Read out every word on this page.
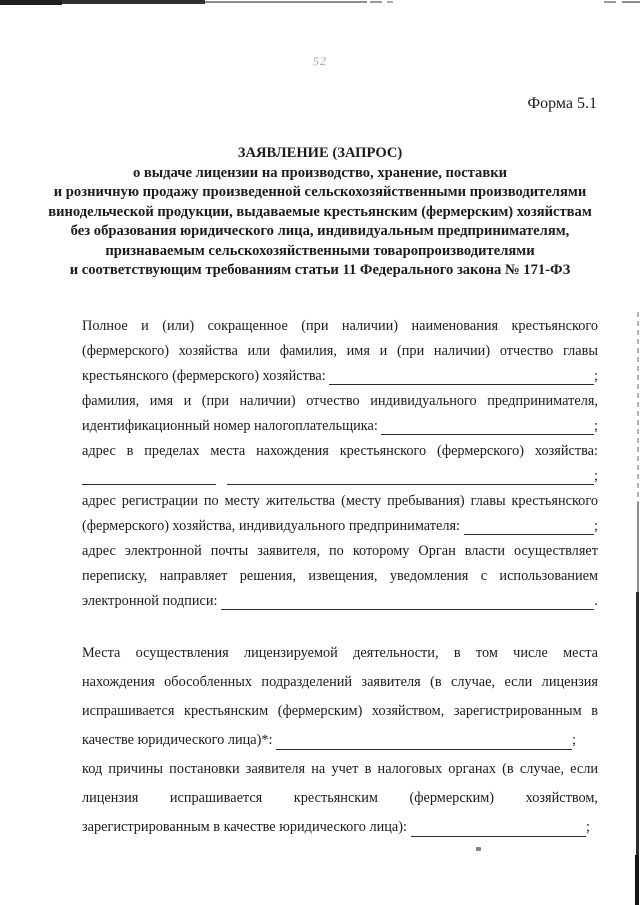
52
Форма 5.1
ЗАЯВЛЕНИЕ (ЗАПРОС)
о выдаче лицензии на производство, хранение, поставки
и розничную продажу произведенной сельскохозяйственными производителями
винодельческой продукции, выдаваемые крестьянским (фермерским) хозяйствам
без образования юридического лица, индивидуальным предпринимателям,
признаваемым сельскохозяйственными товаропроизводителями
и соответствующим требованиям статьи 11 Федерального закона № 171-ФЗ
Полное и (или) сокращенное (при наличии) наименования крестьянского
(фермерского) хозяйства или фамилия, имя и (при наличии) отчество главы
крестьянского (фермерского) хозяйства:	;
фамилия, имя и (при наличии) отчество индивидуального предпринимателя,
идентификационный номер налогоплательщика:	;
адрес в пределах места нахождения крестьянского (фермерского) хозяйства:
;
адрес регистрации по месту жительства (месту пребывания) главы крестьянского
(фермерского) хозяйства, индивидуального предпринимателя:	;
адрес электронной почты заявителя, по которому Орган власти осуществляет
переписку, направляет решения, извещения, уведомления с использованием
электронной подписи:	.
Места осуществления лицензируемой деятельности, в том числе места
нахождения обособленных подразделений заявителя (в случае, если лицензия
испрашивается крестьянским (фермерским) хозяйством, зарегистрированным в
качестве юридического лица)*:	;
код причины постановки заявителя на учет в налоговых органах (в случае, если
лицензия испрашивается крестьянским (фермерским) хозяйством,
зарегистрированным в качестве юридического лица):	;
